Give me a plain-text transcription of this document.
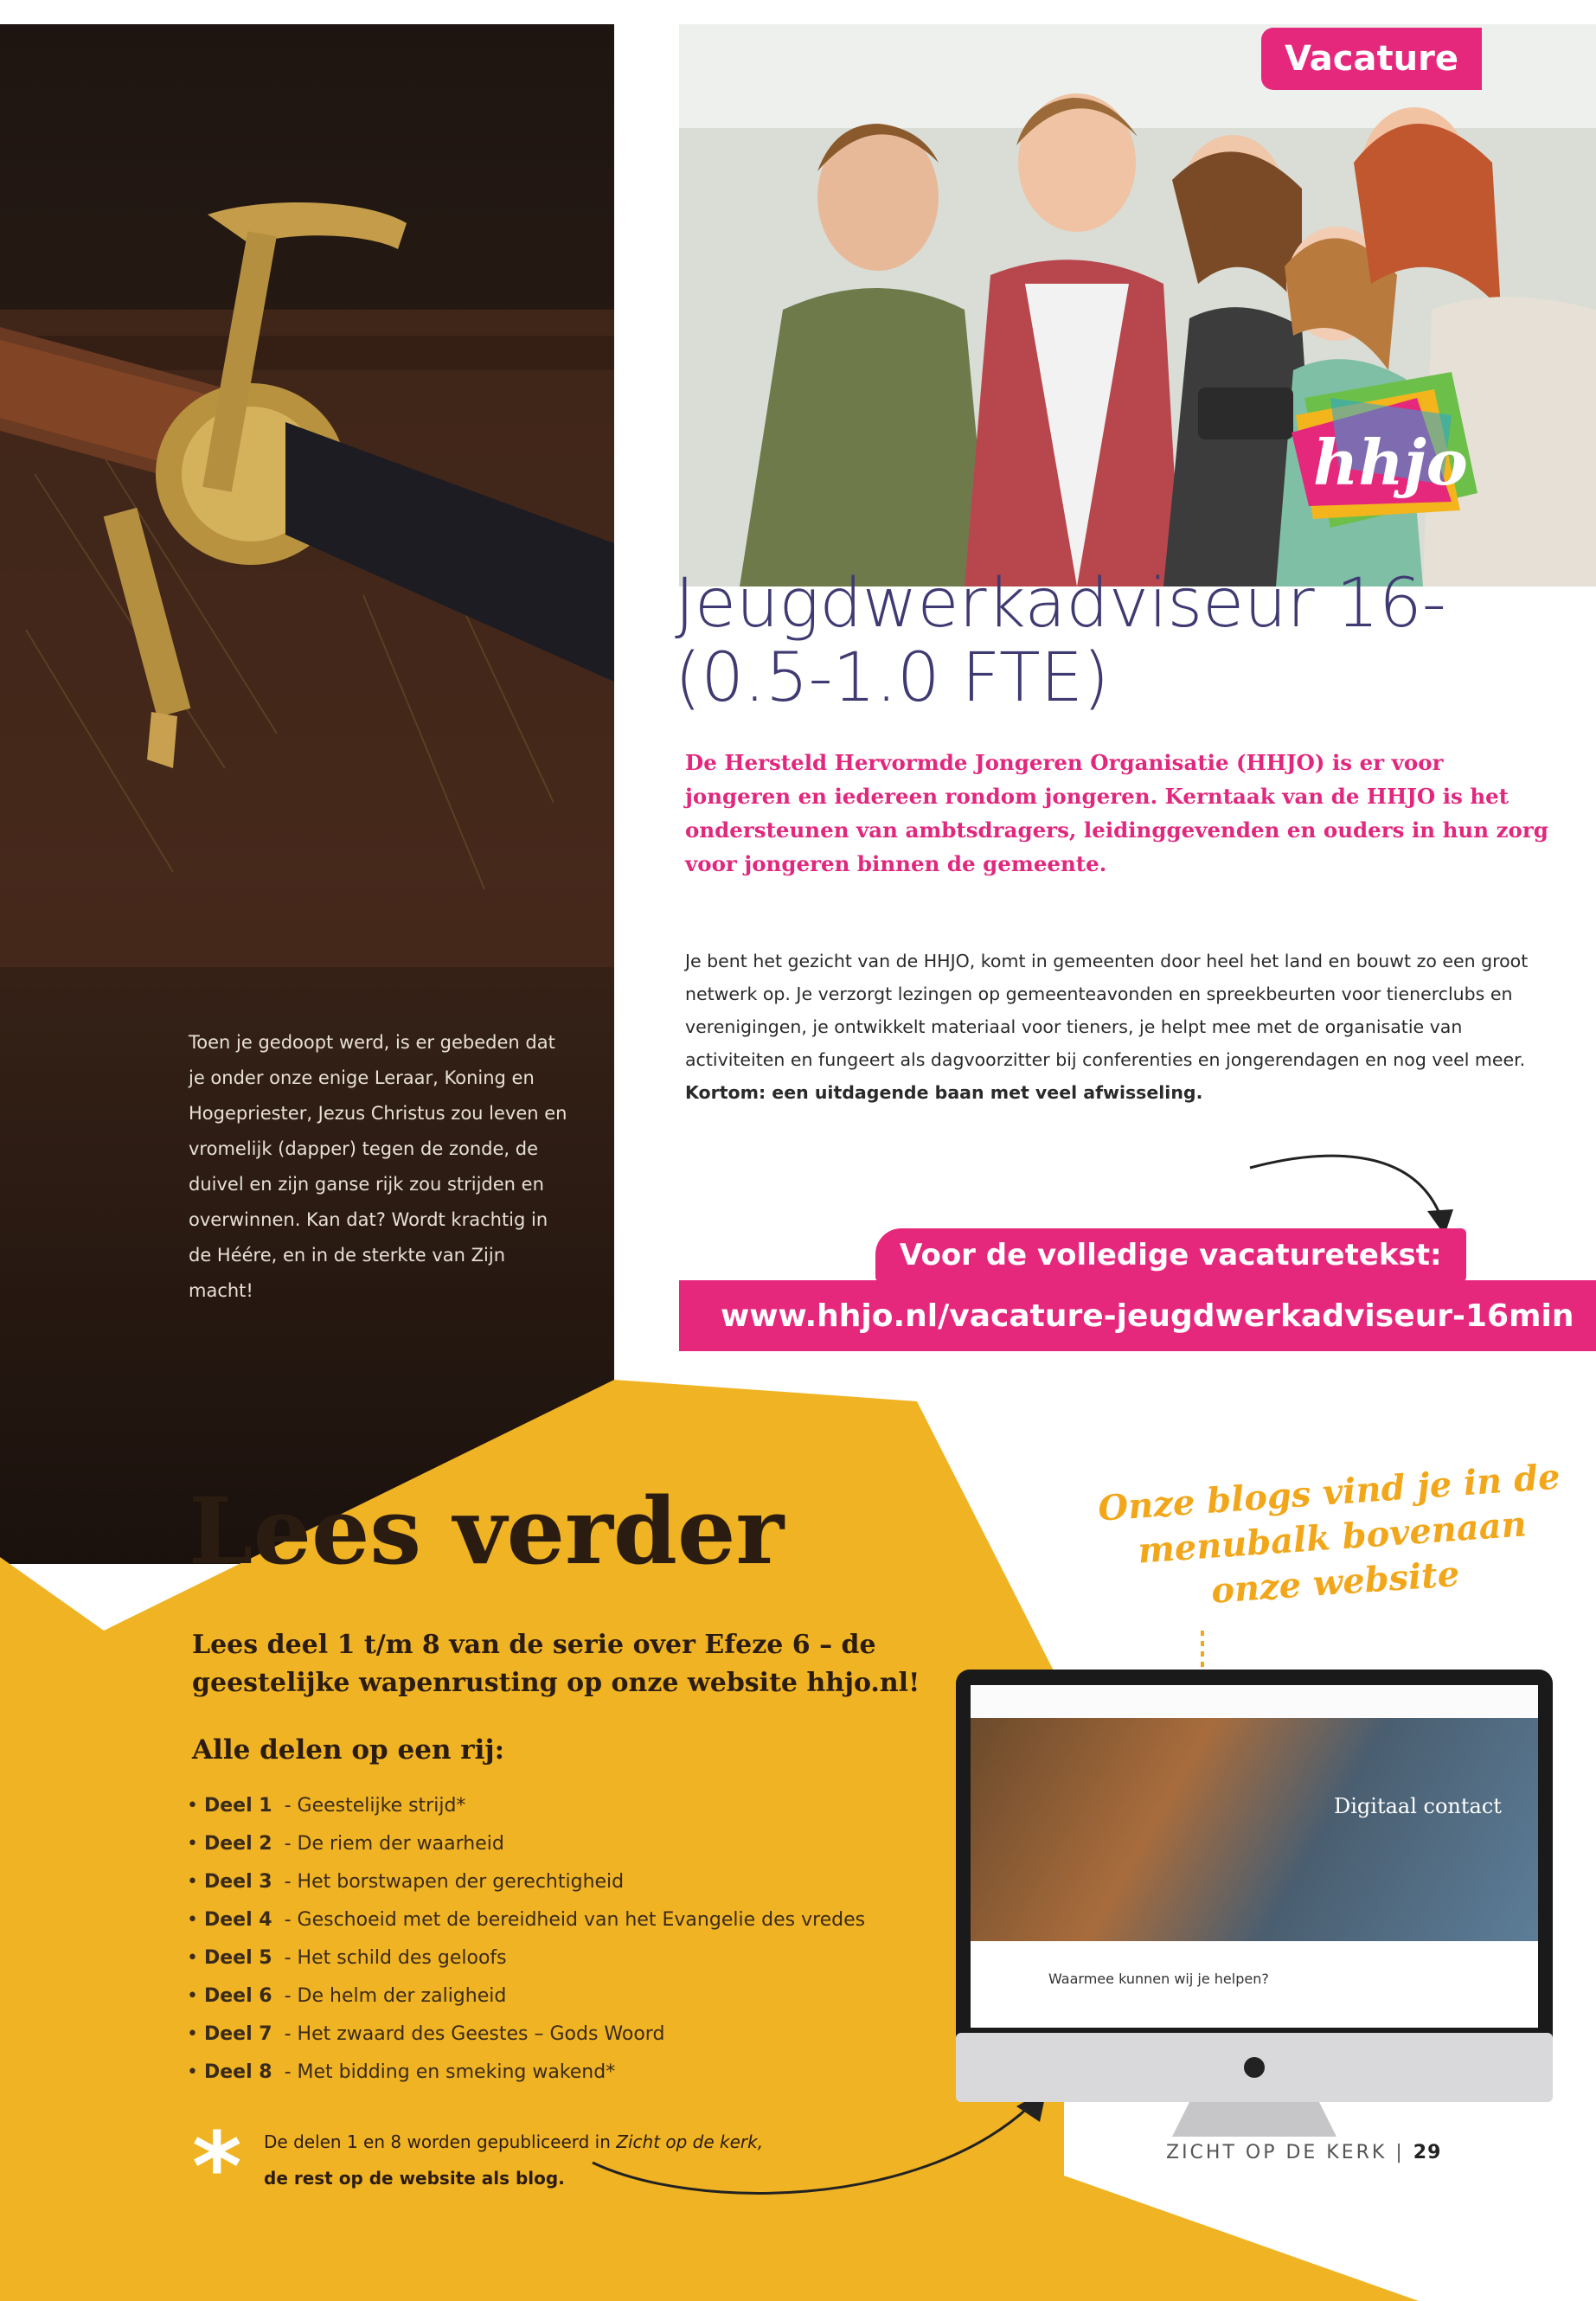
Toen je gedoopt werd, is er gebeden dat je onder onze enige Leraar, Koning en Hogepriester, Jezus Christus zou leven en vromelijk (dapper) tegen de zonde, de duivel en zijn ganse rijk zou strijden en overwinnen. Kan dat? Wordt krachtig in de Héére, en in de sterkte van Zijn macht!
Vacature
hhjo
Jeugdwerkadviseur 16- (0.5-1.0 FTE)
De Hersteld Hervormde Jongeren Organisatie (HHJO) is er voor jongeren en iedereen rondom jongeren. Kerntaak van de HHJO is het ondersteunen van ambtsdragers, leidinggevenden en ouders in hun zorg voor jongeren binnen de gemeente.
Je bent het gezicht van de HHJO, komt in gemeenten door heel het land en bouwt zo een groot netwerk op. Je verzorgt lezingen op gemeenteavonden en spreekbeurten voor tienerclubs en verenigingen, je ontwikkelt materiaal voor tieners, je helpt mee met de organisatie van activiteiten en fungeert als dagvoorzitter bij conferenties en jongerendagen en nog veel meer. Kortom: een uitdagende baan met veel afwisseling.
Voor de volledige vacaturetekst:
www.hhjo.nl/vacature-jeugdwerkadviseur-16min
Lees verder
Lees deel 1 t/m 8 van de serie over Efeze 6 – de geestelijke wapenrusting op onze website hhjo.nl!
Alle delen op een rij:
• Deel 1  - Geestelijke strijd*
• Deel 2  - De riem der waarheid
• Deel 3  - Het borstwapen der gerechtigheid
• Deel 4  - Geschoeid met de bereidheid van het Evangelie des vredes
• Deel 5  - Het schild des geloofs
• Deel 6  - De helm der zaligheid
• Deel 7  - Het zwaard des Geestes – Gods Woord
• Deel 8  - Met bidding en smeking wakend*
* De delen 1 en 8 worden gepubliceerd in Zicht op de kerk,
de rest op de website als blog.
Onze blogs vind je in de menubalk bovenaan onze website
Digitaal contact
Waarmee kunnen wij je helpen?
ZICHT OP DE KERK | 29
